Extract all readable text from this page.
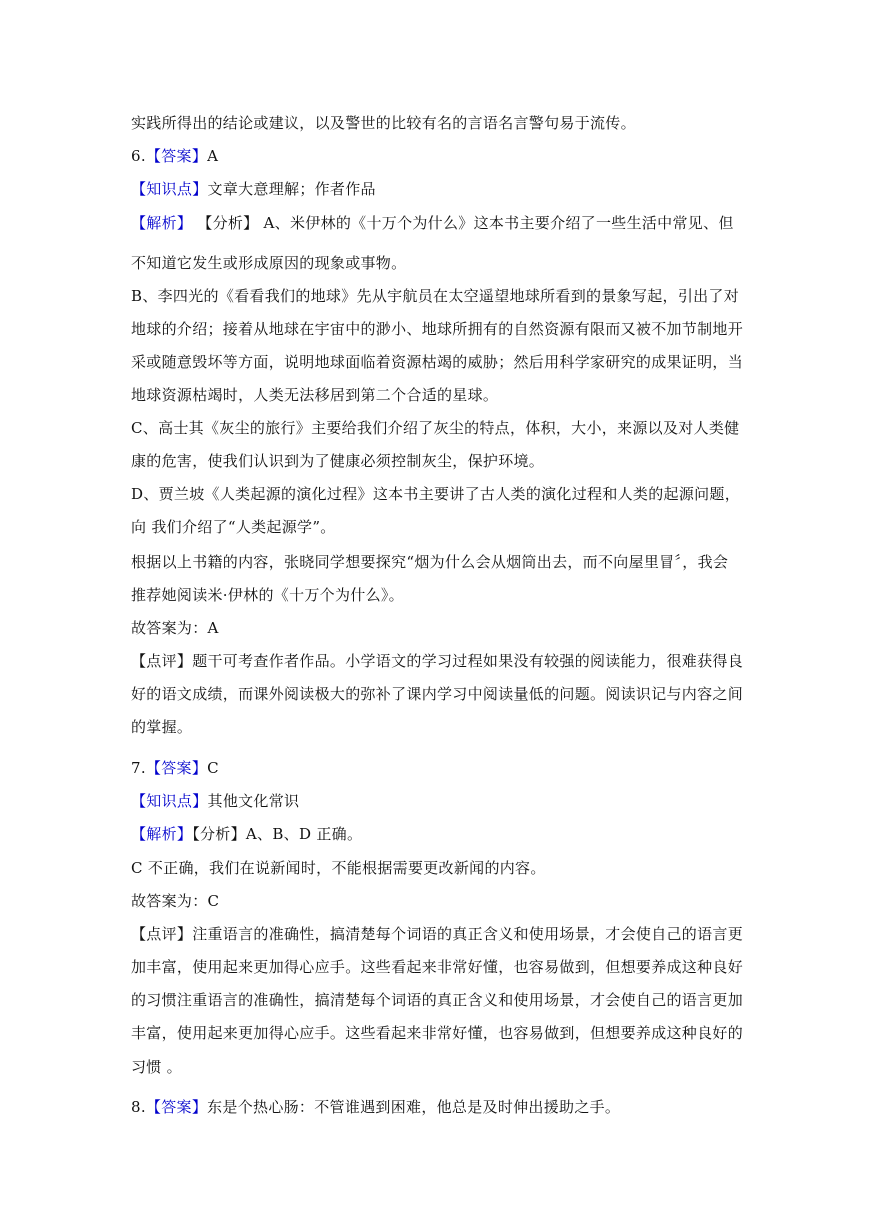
实践所得出的结论或建议，以及警世的比较有名的言语名言警句易于流传。
6.【答案】A
【知识点】文章大意理解；作者作品
【解析】 【分析】 A、米伊林的《十万个为什么》这本书主要介绍了一些生活中常见、但
不知道它发生或形成原因的现象或事物。
B、李四光的《看看我们的地球》先从宇航员在太空遥望地球所看到的景象写起，引出了对
地球的介绍；接着从地球在宇宙中的渺小、地球所拥有的自然资源有限而又被不加节制地开
采或随意毁坏等方面，说明地球面临着资源枯竭的威胁；然后用科学家研究的成果证明，当
地球资源枯竭时，人类无法移居到第二个合适的星球。
C、高士其《灰尘的旅行》主要给我们介绍了灰尘的特点，体积，大小，来源以及对人类健
康的危害，使我们认识到为了健康必须控制灰尘，保护环境。
D、贾兰坡《人类起源的演化过程》这本书主要讲了古人类的演化过程和人类的起源问题，
向 我们介绍了“人类起源学”。
根据以上书籍的内容，张晓同学想要探究“烟为什么会从烟筒出去，而不向屋里冒〞，我会
推荐她阅读米·伊林的《十万个为什么》。
故答案为：A
【点评】题干可考查作者作品。小学语文的学习过程如果没有较强的阅读能力，很难获得良
好的语文成绩，而课外阅读极大的弥补了课内学习中阅读量低的问题。阅读识记与内容之间
的掌握。
7.【答案】C
【知识点】其他文化常识
【解析】【分析】A、B、D 正确。
C 不正确，我们在说新闻时，不能根据需要更改新闻的内容。
故答案为：C
【点评】注重语言的准确性，搞清楚每个词语的真正含义和使用场景，才会使自己的语言更
加丰富，使用起来更加得心应手。这些看起来非常好懂，也容易做到，但想要养成这种良好
的习惯注重语言的准确性，搞清楚每个词语的真正含义和使用场景，才会使自己的语言更加
丰富，使用起来更加得心应手。这些看起来非常好懂，也容易做到，但想要养成这种良好的
习惯 。
8.【答案】东是个热心肠：不管谁遇到困难，他总是及时伸出援助之手。
